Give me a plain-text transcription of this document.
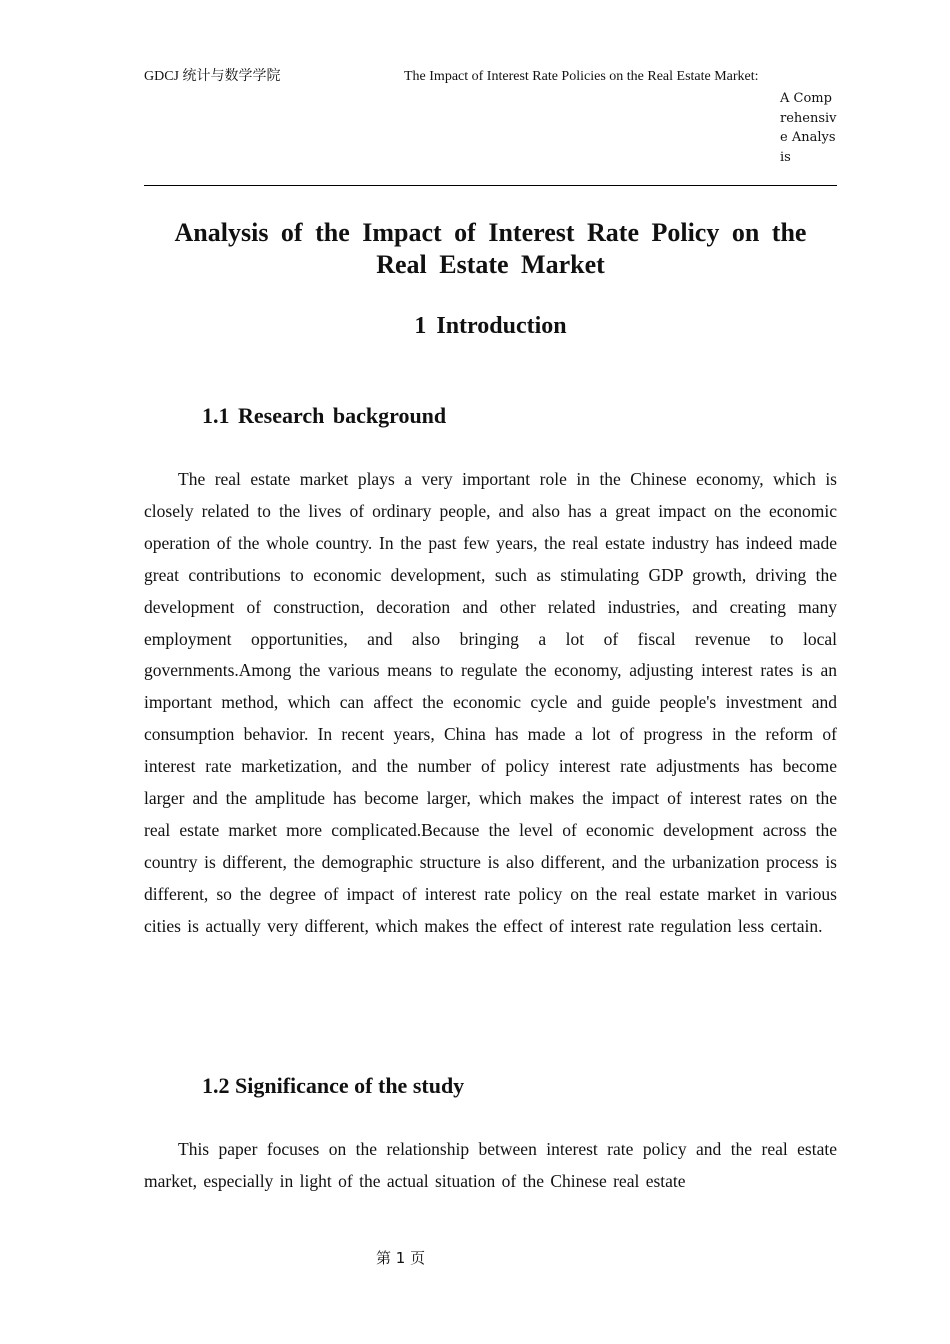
GDCJ 统计与数学学院	The Impact of Interest Rate Policies on the Real Estate Market:
A Comprehensive Analysis
Analysis of the Impact of Interest Rate Policy on the Real Estate Market
1 Introduction
1.1 Research background

The real estate market plays a very important role in the Chinese economy, which is closely related to the lives of ordinary people, and also has a great impact on the economic operation of the whole country. In the past few years, the real estate industry has indeed made great contributions to economic development, such as stimulating GDP growth, driving the development of construction, decoration and other related industries, and creating many employment opportunities, and also bringing a lot of fiscal revenue to local governments.Among the various means to regulate the economy, adjusting interest rates is an important method, which can affect the economic cycle and guide people's investment and consumption behavior. In recent years, China has made a lot of progress in the reform of interest rate marketization, and the number of policy interest rate adjustments has become larger and the amplitude has become larger, which makes the impact of interest rates on the real estate market more complicated.Because the level of economic development across the country is different, the demographic structure is also different, and the urbanization process is different, so the degree of impact of interest rate policy on the real estate market in various cities is actually very different, which makes the effect of interest rate regulation less certain.

1.2 Significance of the study

This paper focuses on the relationship between interest rate policy and the real estate market, especially in light of the actual situation of the Chinese real estate

第 1 页
